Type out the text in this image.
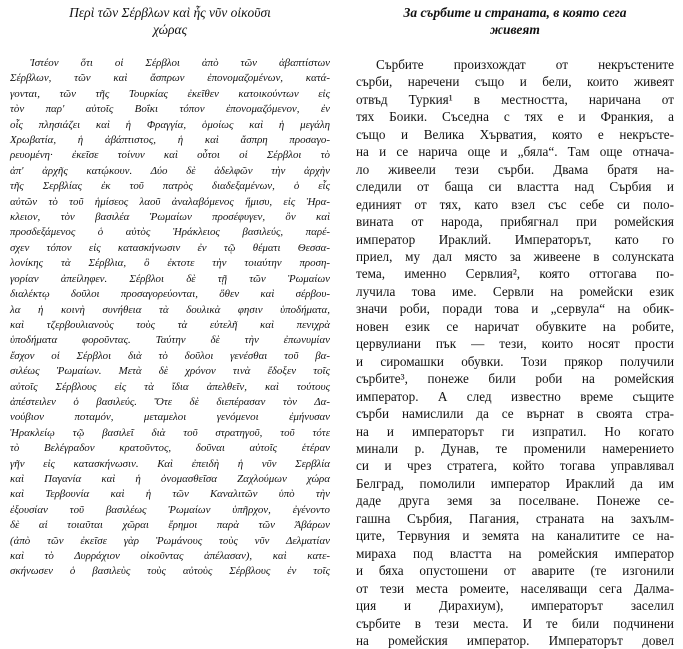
Περὶ τῶν Σέρβλων καὶ ἧς νῦν οἰκοῦσι
χώρας
Ἰστέον ὅτι οἱ Σέρβλοι ἀπὸ τῶν ἀβαπτίστων
Σέρβλων, τῶν καὶ ἄσπρων ἐπονομαζομένων, κατά-
γονται, τῶν τῆς Τουρκίας ἐκεῖθεν κατοικούντων εἰς
τὸν παρ' αὐτοῖς Βοΐκι τόπον ἐπονομαζόμενον, ἐν
οἷς πλησιάζει καὶ ἡ Φραγγία, ὁμοίως καὶ ἡ μεγάλη
Χρωβατία, ἡ ἀβάπτιστος, ἡ καὶ ἄσπρη προσαγο-
ρευομένη· ἐκεῖσε τοίνυν καὶ οὗτοι οἱ Σέρβλοι τὸ
ἀπ' ἀρχῆς κατῴκουν. Δύο δὲ ἀδελφῶν τὴν ἀρχὴν
τῆς Σερβλίας ἐκ τοῦ πατρὸς διαδεξαμένων, ὁ εἷς
αὐτῶν τὸ τοῦ ἡμίσεος λαοῦ ἀναλαβόμενος ἥμισυ, εἰς Ἡρα-
κλειον, τὸν βασιλέα Ῥωμαίων προσέφυγεν, ὃν καὶ
προσδεξάμενος ὁ αὐτὸς Ἡράκλειος βασιλεύς, παρέ-
σχεν τόπον εἰς κατασκήνωσιν ἐν τῷ θέματι Θεσσα-
λονίκης τὰ Σέρβλια, ὃ ἐκτοτε τὴν τοιαύτην προση-
γορίαν ἀπείληφεν. Σέρβλοι δὲ τῇ τῶν Ῥωμαίων
διαλέκτῳ δοῦλοι προσαγορεύονται, ὅθεν καὶ σέρβου-
λα ἡ κοινὴ συνήθεια τὰ δουλικὰ φησιν ὑποδήματα,
καὶ τζερβουλιανοὺς τοὺς τὰ εὐτελῆ καὶ πενιχρὰ
ὑποδήματα φοροῦντας. Ταύτην δὲ τὴν ἐπωνυμίαν
ἔσχον οἱ Σέρβλοι διὰ τὸ δοῦλοι γενέσθαι τοῦ βα-
σιλέως Ῥωμαίων. Μετὰ δὲ χρόνον τινὰ ἔδοξεν τοῖς
αὐτοῖς Σέρβλους εἰς τὰ ἴδια ἀπελθεῖν, καὶ τούτους
ἀπέστειλεν ὁ βασιλεύς. Ὅτε δὲ διεπέρασαν τὸν Δα-
νούβιον ποταμόν, μεταμελοι γενόμενοι ἐμήνυσαν
Ἡρακλείῳ τῷ βασιλεῖ διὰ τοῦ στρατηγοῦ, τοῦ τότε
τὸ Βελέγραδον κρατοῦντος, δοῦναι αὐτοῖς ἑτέραν
γῆν εἰς κατασκήνωσιν. Καὶ ἐπειδὴ ἡ νῦν Σερβλία
καὶ Παγανία καὶ ἡ ὀνομασθεῖσα Ζαχλούμων χώρα
καὶ Τερβουνία καὶ ἡ τῶν Καναλιτῶν ὑπὸ τὴν
ἐξουσίαν τοῦ βασιλέως Ῥωμαίων ὑπῆρχον, ἐγένοντο
δὲ αἱ τοιαῦται χῶραι ἔρημοι παρὰ τῶν Ἀβάρων
(ἀπὸ τῶν ἐκεῖσε γὰρ Ῥωμάνους τοὺς νῦν Δελματίαν
καὶ τὸ Δυρράχιον οἰκοῦντας ἀπέλασαν), καὶ κατε-
σκήνωσεν ὁ βασιλεὺς τοὺς αὐτοὺς Σέρβλους ἐν τοῖς
За сърбите и страната, в която сега
живеят
Сърбите произхождат от некръстените
сърби, наречени също и бели, които живеят
отвъд Туркия¹ в местността, наричана от
тях Боики. Съседна с тях е и Франкия, а
също и Велика Хърватия, която е некръсте-
на и се нарича още и „бяла“. Там още отнача-
ло живеели тези сърби. Двама братя на-
следили от баща си властта над Сърбия и
единият от тях, като взел със себе си поло-
вината от народа, прибягнал при ромейския
император Ираклий. Императорът, като го
приел, му дал място за живеене в солунската
тема, именно Сервлия², която оттогава по-
лучила това име. Сервли на ромейски език
значи роби, поради това и „сервула“ на обик-
новен език се наричат обувките на робите,
цервулиани пък — тези, които носят прости
и сиромашки обувки. Този прякор получили
сърбите³, понеже били роби на ромейския
император. А след известно време същите
сърби намислили да се върнат в своята стра-
на и императорът ги изпратил. Но когато
минали р. Дунав, те променили намерението
си и чрез стратега, който тогава управлявал
Белград, помолили император Ираклий да им
даде друга земя за поселване. Понеже се-
гашна Сърбия, Пагания, страната на захълм-
ците, Тервуния и земята на каналитите се на-
мираха под властта на ромейския император
и бяха опустошени от аварите (те изгонили
от тези места ромеите, населяващи сега Далма-
ция и Дирахиум), императорът заселил
сърбите в тези места. И те били подчинени
на ромейския император. Императорът довел
